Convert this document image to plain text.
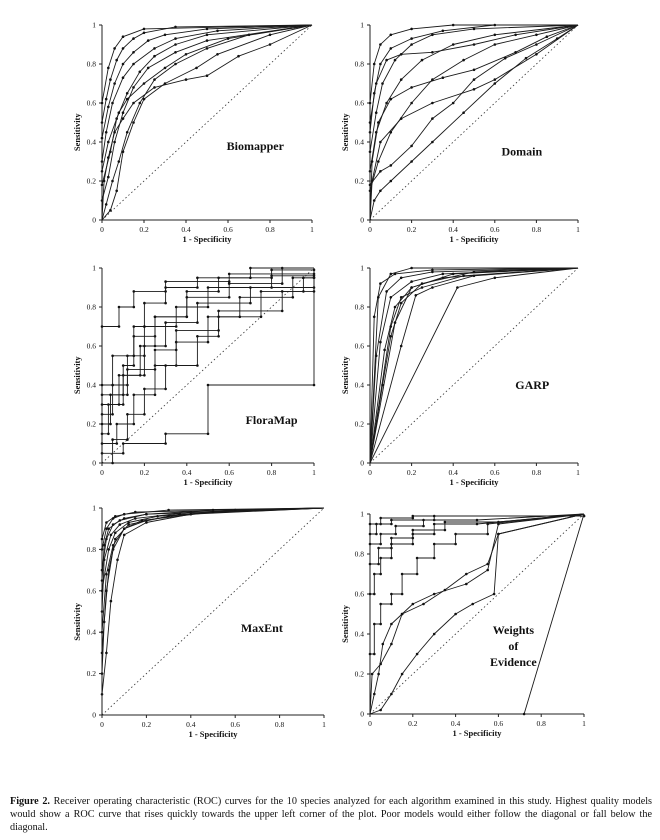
0	0.2	0.4	0.6	0.8	1
0
0.2
0.4
0.6
0.8
1
1 - Specificity
Sensitivity	Biomapper
0	0.2	0.4	0.6	0.8	1
0
0.2
0.4
0.6
0.8
1
1 - Specificity
Sensitivity
Domain
0	0.2	0.4	0.6	0.8	1
0
0.2
0.4
0.6
0.8
1
1 - Specificity
Sensitivity
FloraMap
0	0.2	0.4	0.6	0.8	1
0
0.2
0.4
0.6
0.8
1
1 - Specificity
Sensitivity	GARP
0	0.2	0.4	0.6	0.8	1
0
0.2
0.4
0.6
0.8
1
1 - Specificity
Sensitivity	MaxEnt
0	0.2	0.4	0.6	0.8	1
0
0.2
0.4
0.6
0.8
1
1 - Specificity
Sensitivity	Weights of Evidence
Figure 2. Receiver operating characteristic (ROC) curves for the 10 species analyzed for each algorithm examined in this study. Highest quality models would show a ROC curve that rises quickly towards the upper left corner of the plot. Poor models would either follow the diagonal or fall below the diagonal.
